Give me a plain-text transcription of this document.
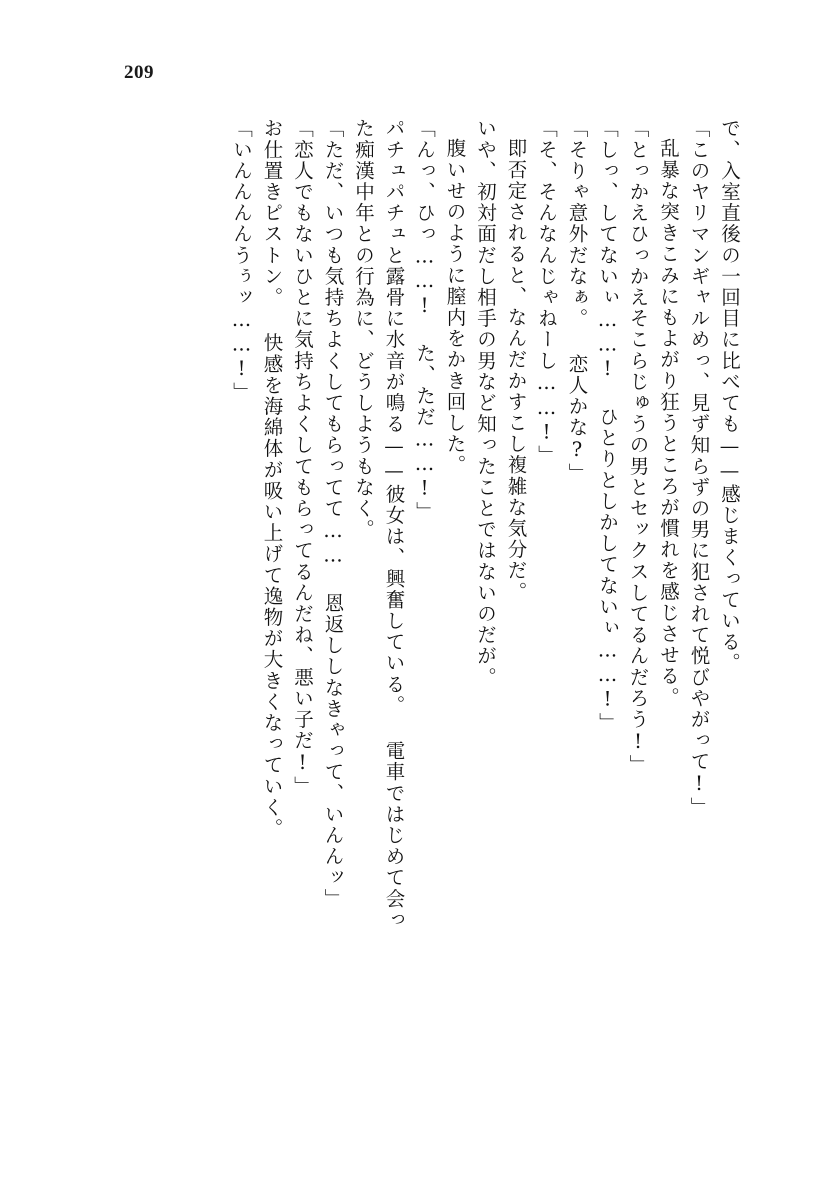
209
で、入室直後の一回目に比べても——感じまくっている。
「このヤリマンギャルめっ、見ず知らずの男に犯されて悦びやがって!」
乱暴な突きこみにもよがり狂うところが慣れを感じさせる。
「とっかえひっかえそこらじゅうの男とセックスしてるんだろう!」
「しっ、してないぃ……! ひとりとしかしてないぃ……!」
「そりゃ意外だなぁ。 恋人かな?」
「そ、そんなんじゃねーし……!」
即否定されると、なんだかすこし複雑な気分だ。
いや、初対面だし相手の男など知ったことではないのだが。
腹いせのように膣内をかき回した。
「んっ、ひっ……! た、ただ……!」
パチュパチュと露骨に水音が鳴る——彼女は、興奮している。 電車ではじめて会っ
た痴漢中年との行為に、どうしようもなく。
「ただ、いつも気持ちよくしてもらってて…… 恩返ししなきゃって、いんんッ」
「恋人でもないひとに気持ちよくしてもらってるんだね、悪い子だ!」
お仕置きピストン。 快感を海綿体が吸い上げて逸物が大きくなっていく。
「いんんんんうぅッ……!」
